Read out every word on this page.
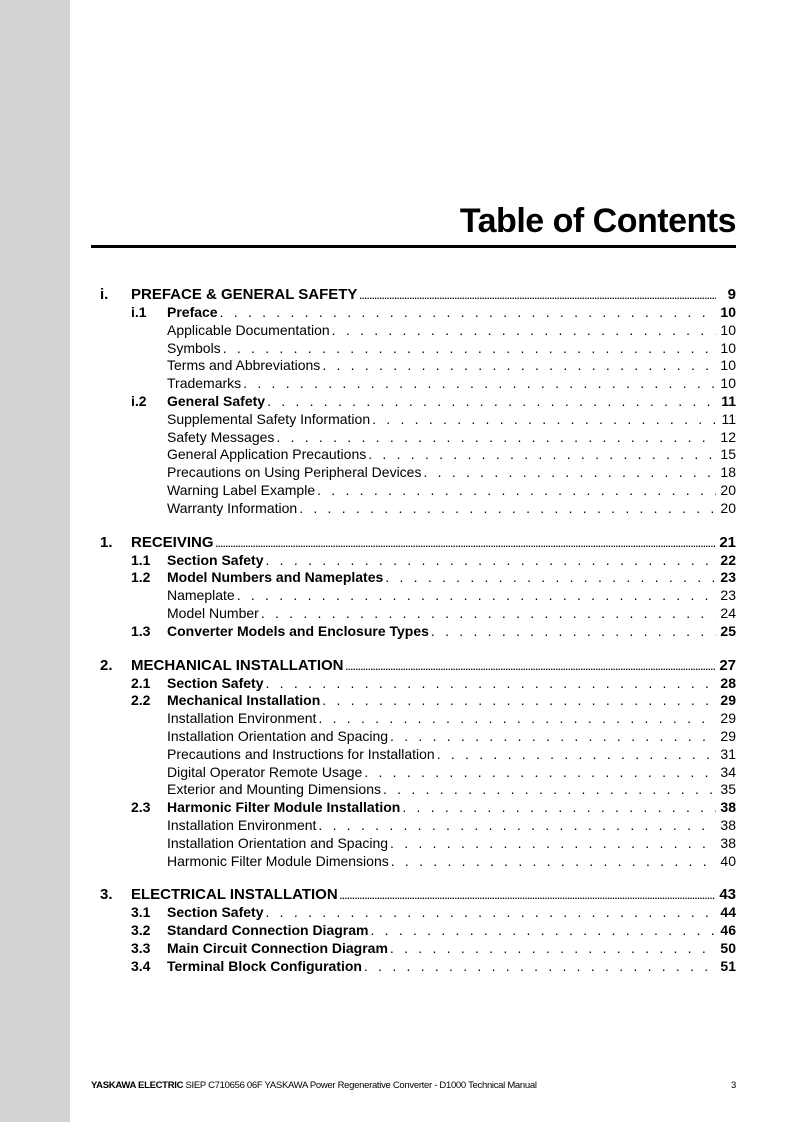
Table of Contents
i.	PREFACE & GENERAL SAFETY .....	9
i.1	Preface . . .	10
Applicable Documentation . . .	10
Symbols . . .	10
Terms and Abbreviations . . .	10
Trademarks . . .	10
i.2	General Safety . . .	11
Supplemental Safety Information . . .	11
Safety Messages . . .	12
General Application Precautions . . .	15
Precautions on Using Peripheral Devices . . .	18
Warning Label Example . . .	20
Warranty Information . . .	20
1.	RECEIVING .....	21
1.1	Section Safety . . .	22
1.2	Model Numbers and Nameplates . . .	23
Nameplate . . .	23
Model Number . . .	24
1.3	Converter Models and Enclosure Types . . .	25
2.	MECHANICAL INSTALLATION .....	27
2.1	Section Safety . . .	28
2.2	Mechanical Installation . . .	29
Installation Environment . . .	29
Installation Orientation and Spacing . . .	29
Precautions and Instructions for Installation . . .	31
Digital Operator Remote Usage . . .	34
Exterior and Mounting Dimensions . . .	35
2.3	Harmonic Filter Module Installation . . .	38
Installation Environment . . .	38
Installation Orientation and Spacing . . .	38
Harmonic Filter Module Dimensions . . .	40
3.	ELECTRICAL INSTALLATION .....	43
3.1	Section Safety . . .	44
3.2	Standard Connection Diagram . . .	46
3.3	Main Circuit Connection Diagram . . .	50
3.4	Terminal Block Configuration . . .	51
YASKAWA ELECTRIC SIEP C710656 06F YASKAWA Power Regenerative Converter - D1000 Technical Manual	3
